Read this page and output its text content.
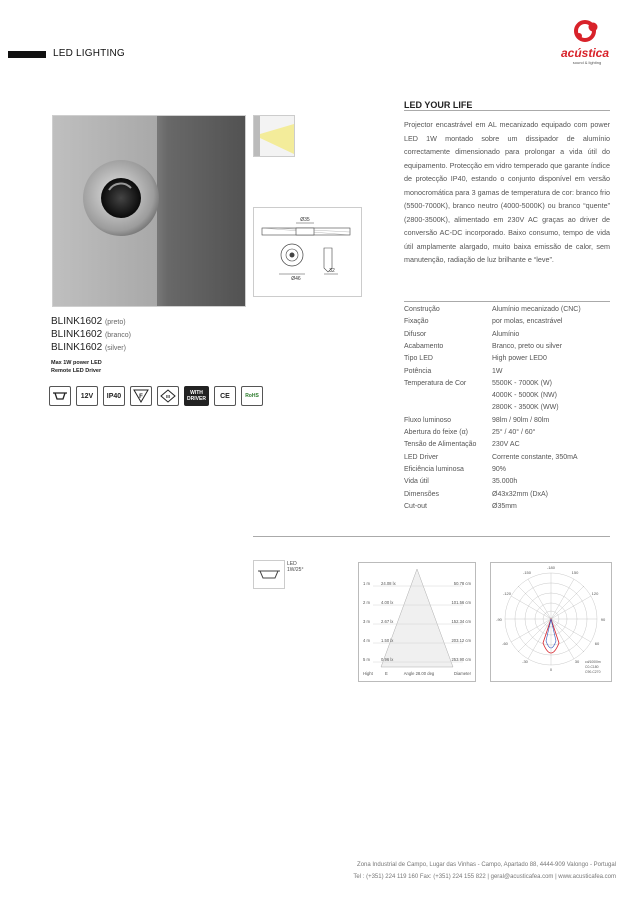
LED LIGHTING	acústica
sound & lighting
BLINK1602 (preto)
BLINK1602 (branco)
BLINK1602 (silver)
Max 1W power LED
Remote LED Driver
12V	IP40	F	III
WITH
DRIVER	CE	RoHS
LED YOUR LIFE
Projector encastrável em AL mecanizado equipado com power LED 1W montado sobre um dissipador de alumínio correctamente dimensionado para prolongar a vida útil do equipamento. Protecção em vidro temperado que garante índice de protecção IP40, estando o conjunto disponível em versão monocromática para 3 gamas de temperatura de cor: branco frio (5500-7000K), branco neutro (4000-5000K) ou branco “quente” (2800-3500K), alimentado em 230V AC graças ao driver de conversão AC-DC incorporado. Baixo consumo, tempo de vida útil amplamente alargado, muito baixa emissão de calor, sem manutenção, radiação de luz brilhante e “leve”.
Ø35
Ø46
32
Construção	Alumínio mecanizado (CNC)
Fixação	por molas, encastrável
Difusor	Alumínio
Acabamento	Branco, preto ou silver
Tipo LED	High power LED0
Potência	1W
Temperatura de Cor	5500K - 7000K (W)
4000K - 5000K (NW)
2800K - 3500K (WW)
Fluxo luminoso	98lm / 90lm / 80lm
Abertura do feixe (α)	25° / 40° / 60°
Tensão de Alimentação 230V AC
LED Driver	Corrente constante, 350mA
Eficiência luminosa	90%
Vida útil	35.000h
Dimensões	Ø43x32mm (DxA)
Cut-out	Ø35mm
LED
1W/25°
1 m	24.08 lx	50.78 cm
2 m	4.00 lx	101.56 cm
3 m	2.67 lx	152.34 cm
4 m	1.50 lx	203.12 cm
5 m	0.96 lx	253.90 cm
Hight	E	Angle 28.00 deg	Diameter
-180
-150	150
-120	120
-90	90
-60	60
-30	30
0
cd/1000lm
C0-C180
C90-C270
Zona Industrial de Campo, Lugar das Vinhas - Campo, Apartado 88, 4444-909 Valongo - Portugal
Tel : (+351) 224 119 160 Fax: (+351) 224 155 822 | geral@acusticafea.com | www.acusticafea.com
